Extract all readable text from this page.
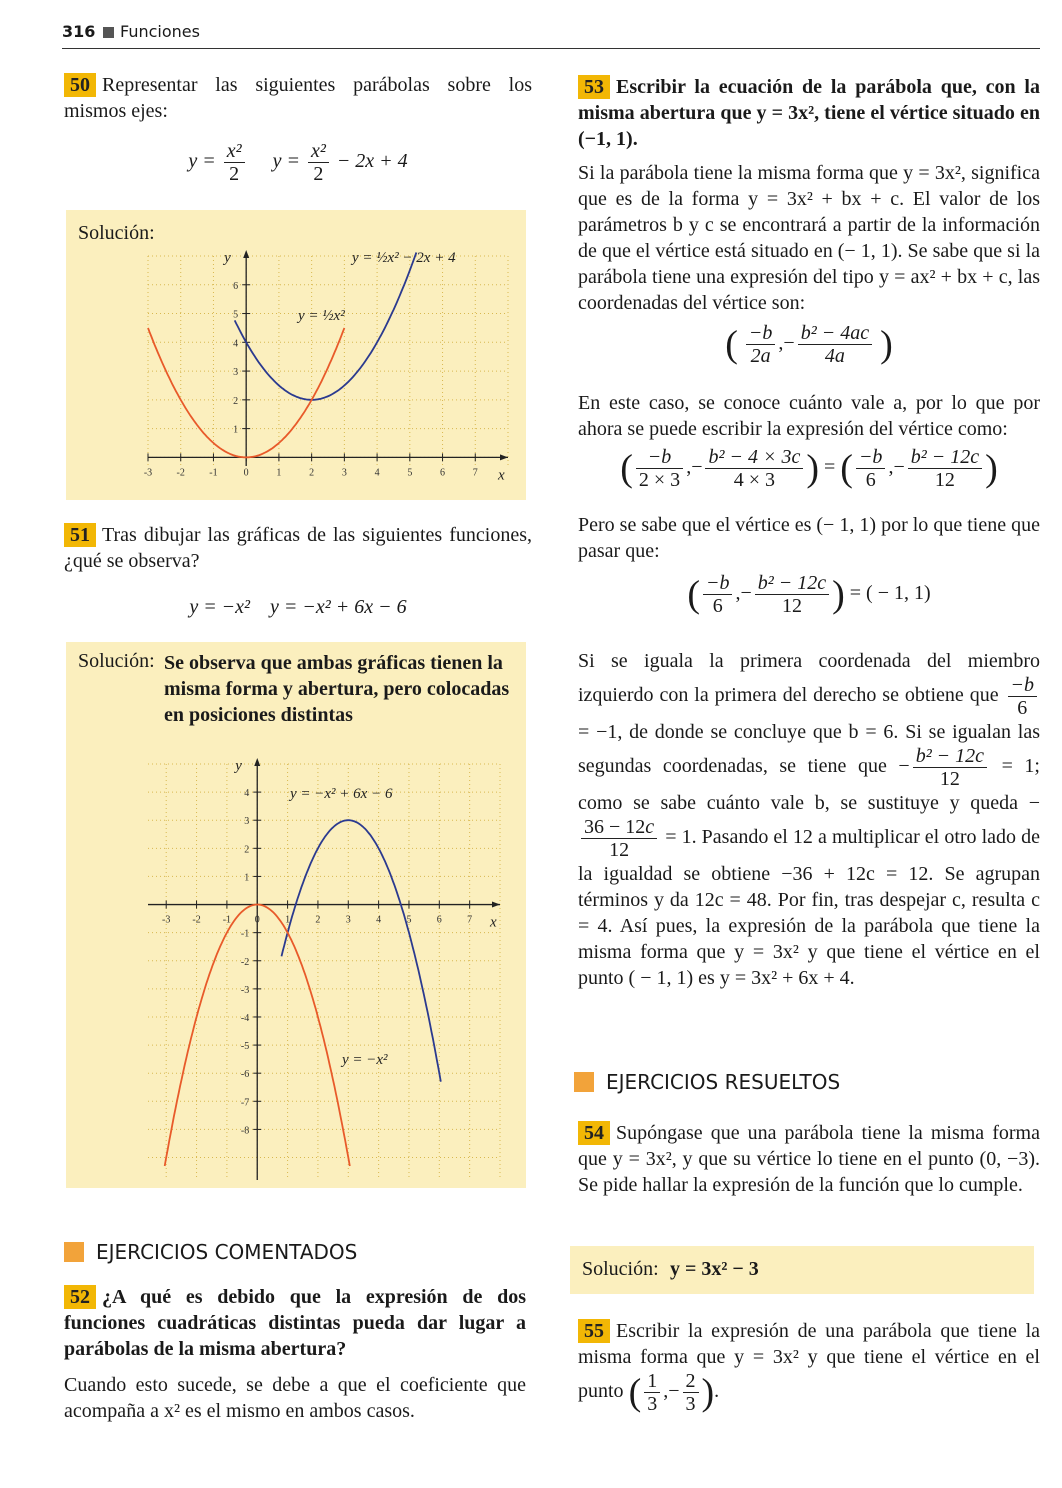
316 Funciones
50 Representar las siguientes parábolas sobre los mismos ejes:
$y = \frac{\text{x²}}{2}$ $y = \frac{\text{x²}}{2} - 2x + 4$
Solución:
-3 -2 -1	0	1	2	3	4	5	6	7
1
2
3
4
5
6
y
x
y = ½x² − 2x + 4
y = ½x²
51 Tras dibujar las gráficas de las siguientes funciones, ¿qué se observa?
y = −x²    y = −x² + 6x − 6
Solución: Se observa que ambas gráficas tienen la misma forma y abertura, pero colocadas en posiciones distintas
-3 -2 -1 0	1	2	3	4	5	6	7
4
3
2
1
-1
-2
-3
-4
-5
-6
-7
-8
y
x
y = −x² + 6x − 6
y = −x²
EJERCICIOS COMENTADOS
52 ¿A qué es debido que la expresión de dos funciones cuadráticas distintas pueda dar lugar a parábolas de la misma abertura?
Cuando esto sucede, se debe a que el coeficiente que acompaña a x² es el mismo en ambos casos.
53 Escribir la ecuación de la parábola que, con la misma abertura que y = 3x², tiene el vértice situado en (−1, 1).
Si la parábola tiene la misma forma que y = 3x², significa que es de la forma y = 3x² + bx + c. El valor de los parámetros b y c se encontrará a partir de la información de que el vértice está situado en (− 1, 1). Se sabe que si la parábola tiene una expresión del tipo y = ax² + bx + c, las coordenadas del vértice son:
( $\frac{-b}{2a}$ ,− $\frac{\text{b² − 4ac}}{4a}$ )
En este caso, se conoce cuánto vale a, por lo que por ahora se puede escribir la expresión del vértice como:
( $\frac{-b}{2 \times 3}$ ,− $\frac{\text{b² − 4 × 3c}}{4 \times 3}$ ) = ( $\frac{-b}{6}$ ,− $\frac{\text{b² − 12c}}{12}$ )
Pero se sabe que el vértice es (− 1, 1) por lo que tiene que pasar que:
( $\frac{-b}{6}$ ,− $\frac{\text{b² − 12c}}{12}$ ) = ( − 1, 1)
Si se iguala la primera coordenada del miembro izquierdo con la primera del derecho se obtiene que $\frac{-b}{6}$
= −1, de donde se concluye que b = 6. Si se igualan las segundas coordenadas, se tiene que − $\frac{\text{b² − 12c}}{12} = 1$; como se sabe cuánto vale b, se sustituye y queda −
$\frac{36 - 12c}{12} = 1$. Pasando el 12 a multiplicar el otro lado de la igualdad se obtiene −36 + 12c = 12. Se agrupan términos y da 12c = 48. Por fin, tras despejar c, resulta c = 4. Así pues, la expresión de la parábola que tiene la misma forma que y = 3x² y que tiene el vértice en el punto ( − 1, 1) es y = 3x² + 6x + 4.
EJERCICIOS RESUELTOS
54 Supóngase que una parábola tiene la misma forma que y = 3x², y que su vértice lo tiene en el punto (0, −3). Se pide hallar la expresión de la función que lo cumple.
Solución: y = 3x² − 3
55 Escribir la expresión de una parábola que tiene la misma forma que y = 3x² y que tiene el vértice en el punto ( $\frac{1}{3}$ ,− $\frac{2}{3}$ ).
